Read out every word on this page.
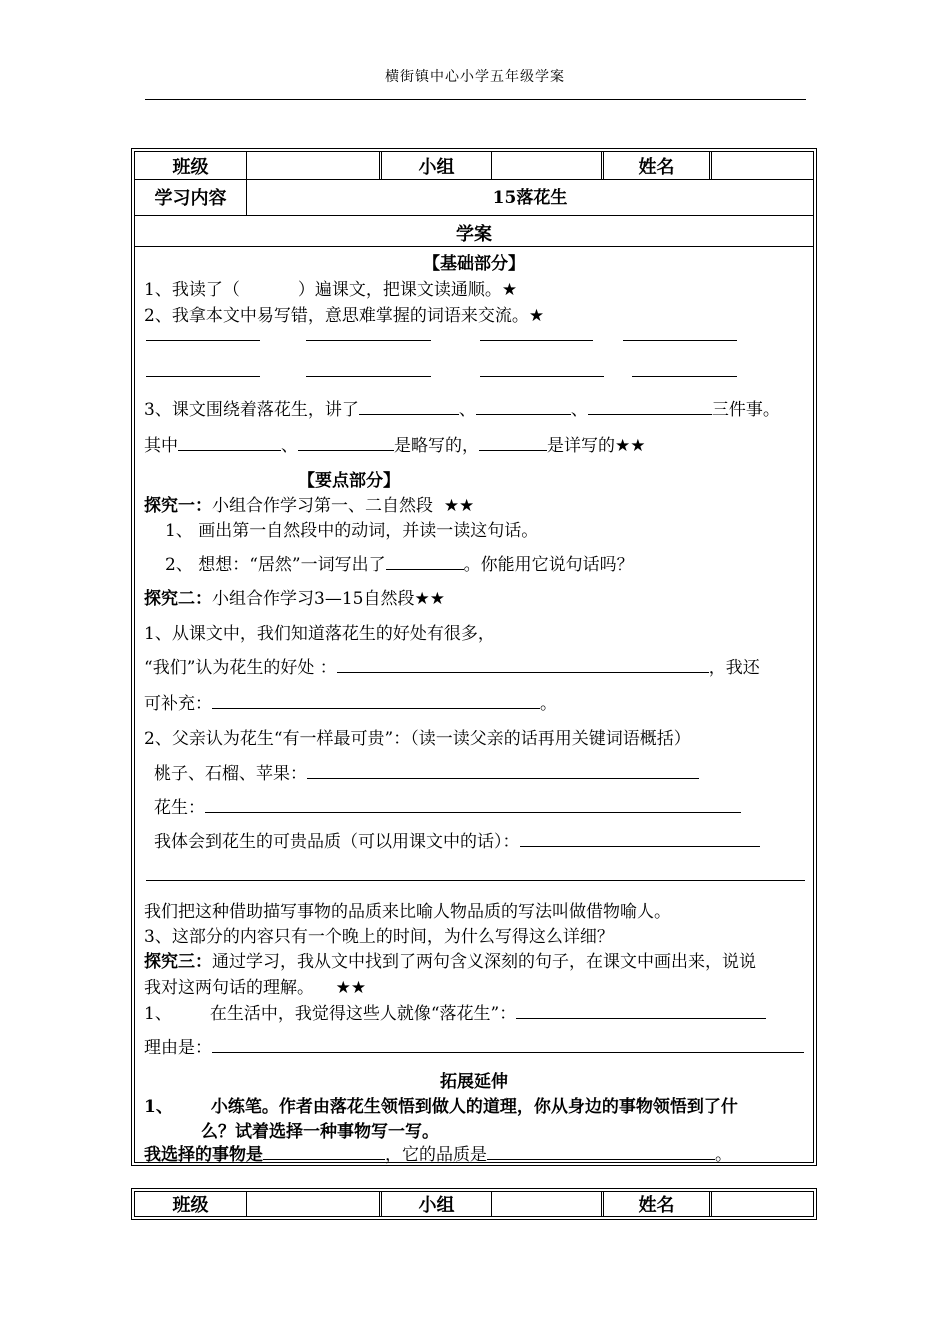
横街镇中心小学五年级学案
班级	小组	姓名
学习内容	15落花生
学案
【基础部分】
1、我读了（	）遍课文，把课文读通顺。★
2、我拿本文中易写错，意思难掌握的词语来交流。★
3、课文围绕着落花生，讲了	、	、	三件事。
其中	、	是略写的，	是详写的★★
【要点部分】
探究一：小组合作学习第一、二自然段 ★★
1、 画出第一自然段中的动词，并读一读这句话。
2、 想想：“居然”一词写出了	。你能用它说句话吗？
探究二：小组合作学习3—15自然段★★
1、从课文中，我们知道落花生的好处有很多，
“我们”认为花生的好处 ：	，我还
可补充：	。
2、父亲认为花生“有一样最可贵”：（读一读父亲的话再用关键词语概括）
桃子、石榴、苹果：
花生：
我体会到花生的可贵品质（可以用课文中的话）：
我们把这种借助描写事物的品质来比喻人物品质的写法叫做借物喻人。
3、这部分的内容只有一个晚上的时间，为什么写得这么详细？
探究三：通过学习，我从文中找到了两句含义深刻的句子，在课文中画出来，说说
我对这两句话的理解。 ★★
1、 在生活中，我觉得这些人就像“落花生”：
理由是：
拓展延伸
1、 小练笔。作者由落花生领悟到做人的道理，你从身边的事物领悟到了什
么？试着选择一种事物写一写。
我选择的事物是	，它的品质是	。
班级	小组	姓名
